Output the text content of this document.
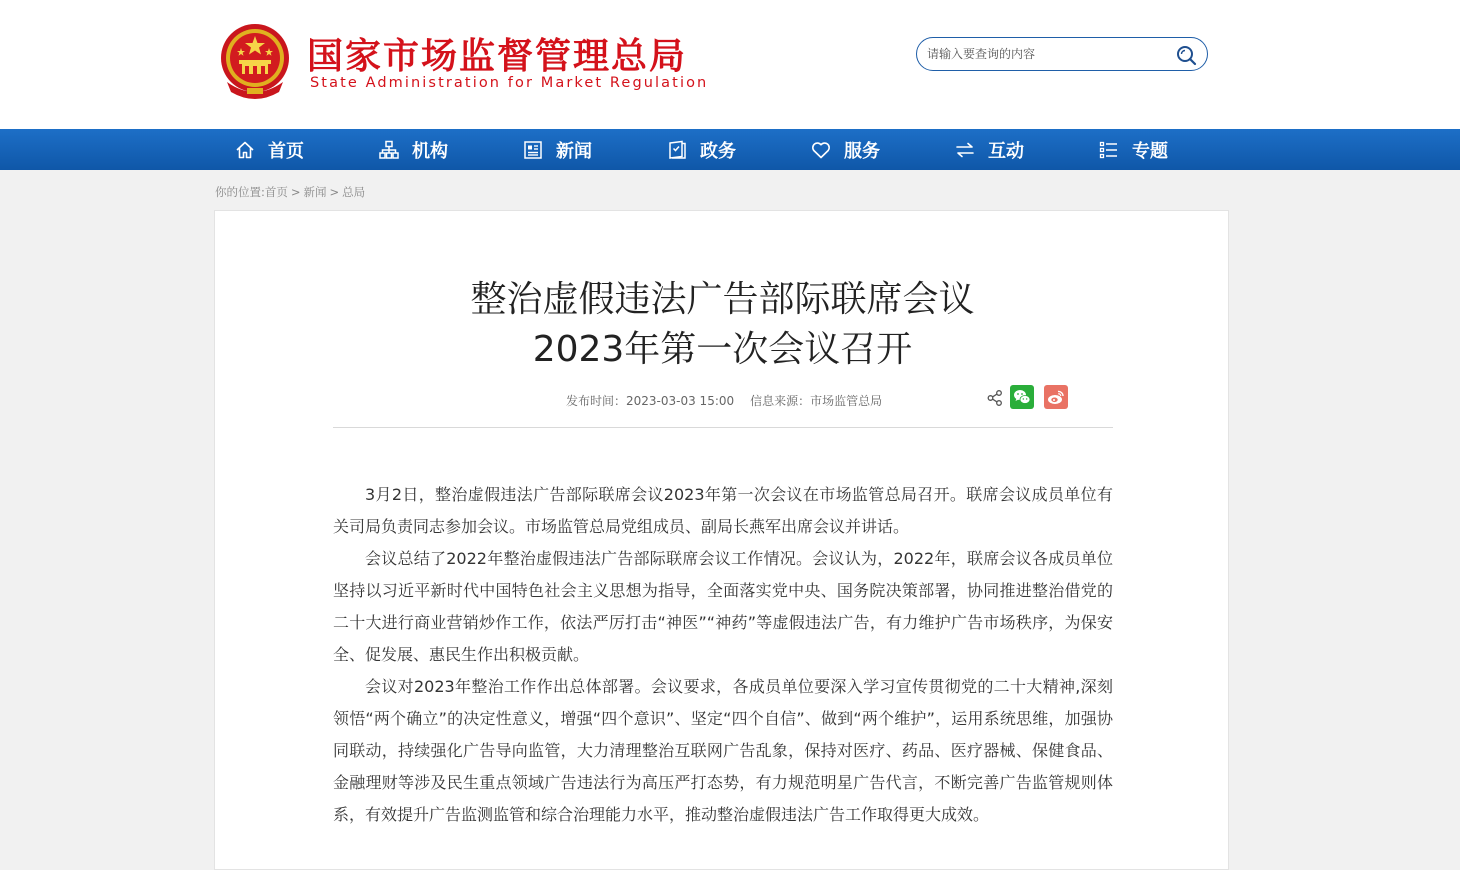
国家市场监督管理总局
State Administration for Market Regulation
请输入要查询的内容
首页	机构	新闻	政务	服务	互动	专题
你的位置:首页 > 新闻 > 总局
整治虚假违法广告部际联席会议
2023年第一次会议召开
发布时间：2023-03-03 15:00 信息来源：市场监管总局

3月2日，整治虚假违法广告部际联席会议2023年第一次会议在市场监管总局召开。联席会议成员单位有关司局负责同志参加会议。市场监管总局党组成员、副局长燕军出席会议并讲话。

会议总结了2022年整治虚假违法广告部际联席会议工作情况。会议认为，2022年，联席会议各成员单位坚持以习近平新时代中国特色社会主义思想为指导，全面落实党中央、国务院决策部署，协同推进整治借党的二十大进行商业营销炒作工作，依法严厉打击“神医”“神药”等虚假违法广告，有力维护广告市场秩序，为保安全、促发展、惠民生作出积极贡献。

会议对2023年整治工作作出总体部署。会议要求，各成员单位要深入学习宣传贯彻党的二十大精神,深刻领悟“两个确立”的决定性意义，增强“四个意识”、坚定“四个自信”、做到“两个维护”，运用系统思维，加强协同联动，持续强化广告导向监管，大力清理整治互联网广告乱象，保持对医疗、药品、医疗器械、保健食品、金融理财等涉及民生重点领域广告违法行为高压严打态势，有力规范明星广告代言，不断完善广告监管规则体系，有效提升广告监测监管和综合治理能力水平，推动整治虚假违法广告工作取得更大成效。
